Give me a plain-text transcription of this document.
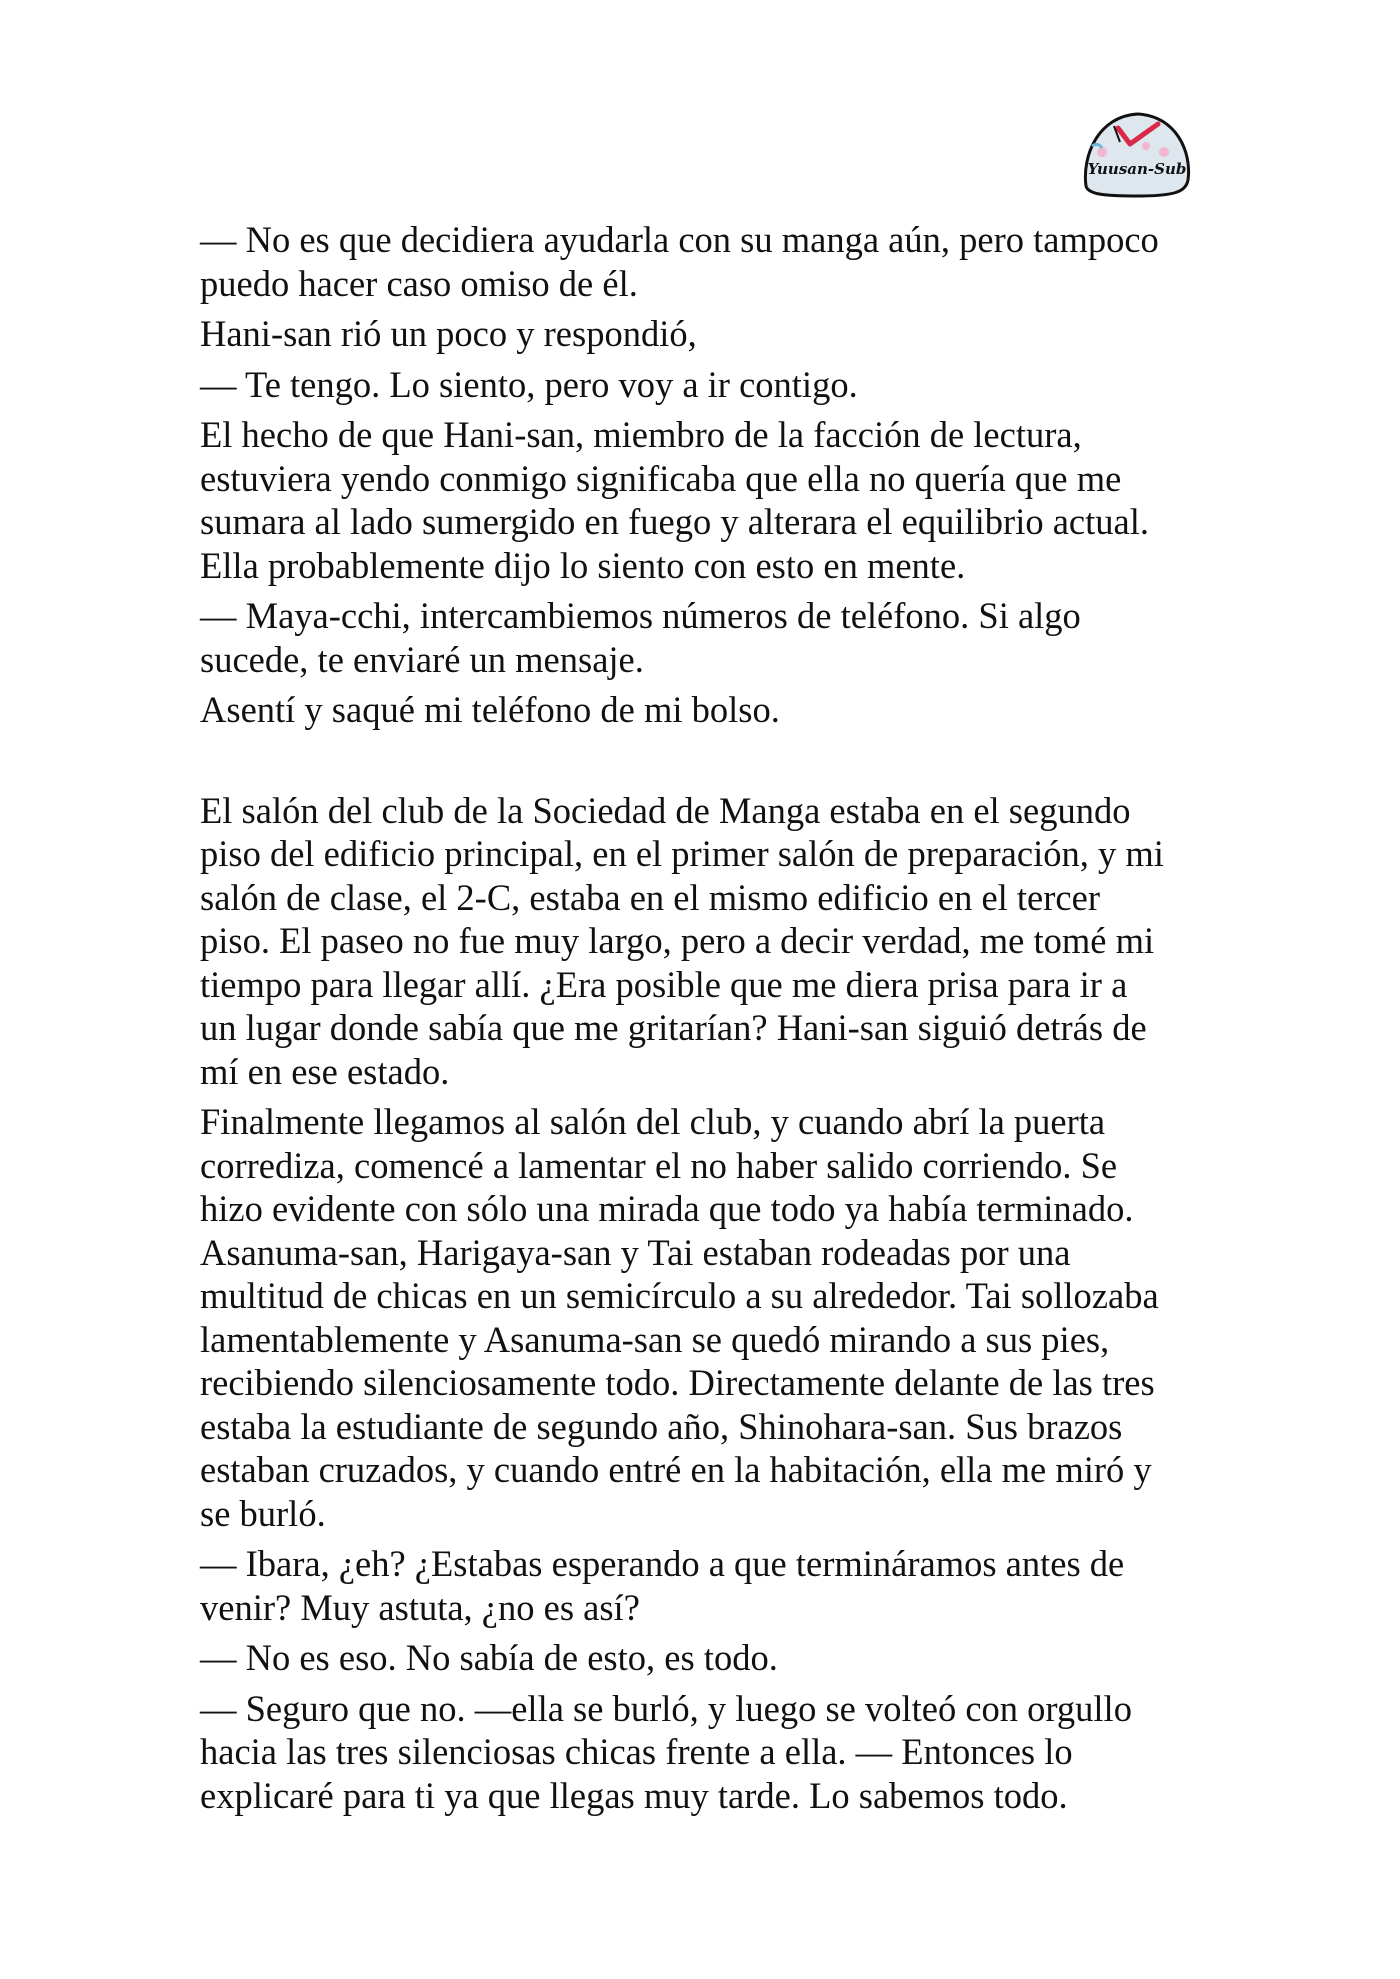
Yuusan-Sub

— No es que decidiera ayudarla con su manga aún, pero tampoco
puedo hacer caso omiso de él.

Hani-san rió un poco y respondió,

— Te tengo. Lo siento, pero voy a ir contigo.

El hecho de que Hani-san, miembro de la facción de lectura,
estuviera yendo conmigo significaba que ella no quería que me
sumara al lado sumergido en fuego y alterara el equilibrio actual.
Ella probablemente dijo lo siento con esto en mente.

— Maya-cchi, intercambiemos números de teléfono. Si algo
sucede, te enviaré un mensaje.

Asentí y saqué mi teléfono de mi bolso.

El salón del club de la Sociedad de Manga estaba en el segundo
piso del edificio principal, en el primer salón de preparación, y mi
salón de clase, el 2-C, estaba en el mismo edificio en el tercer
piso. El paseo no fue muy largo, pero a decir verdad, me tomé mi
tiempo para llegar allí. ¿Era posible que me diera prisa para ir a
un lugar donde sabía que me gritarían? Hani-san siguió detrás de
mí en ese estado.

Finalmente llegamos al salón del club, y cuando abrí la puerta
corrediza, comencé a lamentar el no haber salido corriendo. Se
hizo evidente con sólo una mirada que todo ya había terminado.
Asanuma-san, Harigaya-san y Tai estaban rodeadas por una
multitud de chicas en un semicírculo a su alrededor. Tai sollozaba
lamentablemente y Asanuma-san se quedó mirando a sus pies,
recibiendo silenciosamente todo. Directamente delante de las tres
estaba la estudiante de segundo año, Shinohara-san. Sus brazos
estaban cruzados, y cuando entré en la habitación, ella me miró y
se burló.

— Ibara, ¿eh? ¿Estabas esperando a que termináramos antes de
venir? Muy astuta, ¿no es así?

— No es eso. No sabía de esto, es todo.

— Seguro que no. —ella se burló, y luego se volteó con orgullo
hacia las tres silenciosas chicas frente a ella. — Entonces lo
explicaré para ti ya que llegas muy tarde. Lo sabemos todo.
